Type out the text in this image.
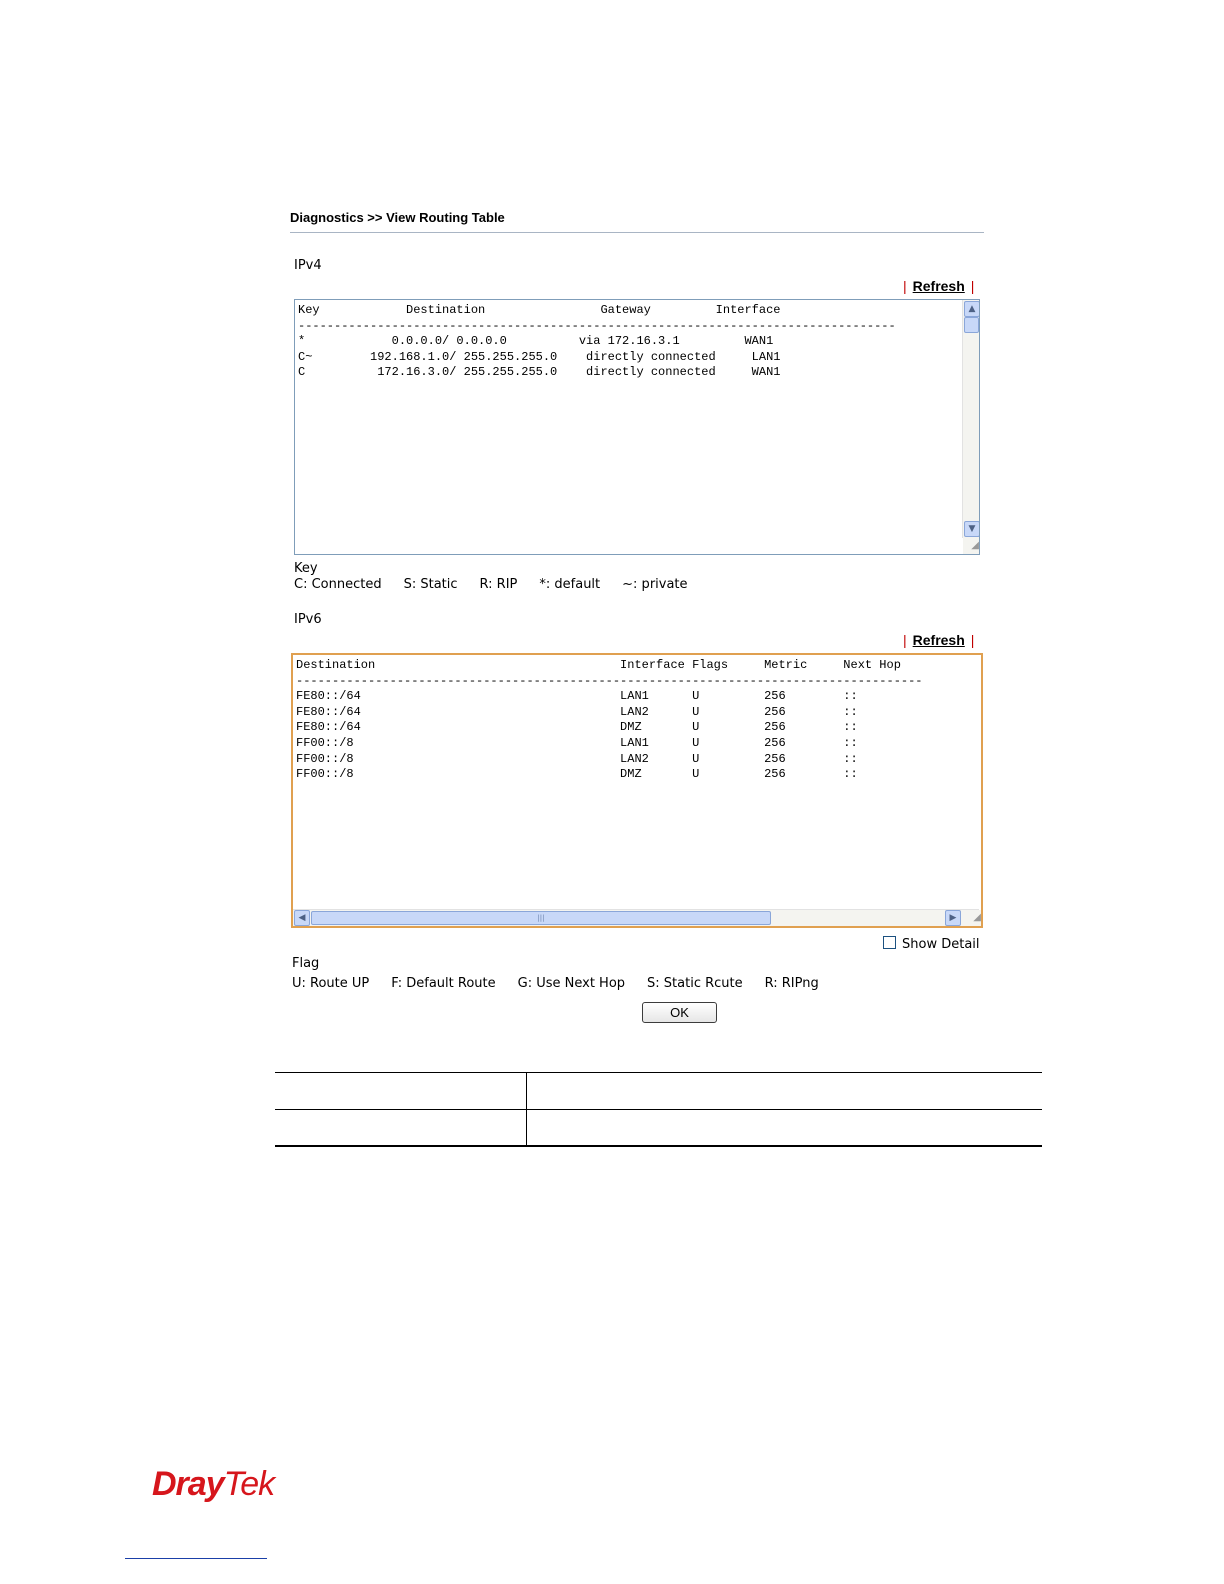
Diagnostics >> View Routing Table
IPv4
| Refresh |
Key            Destination                Gateway         Interface
-----------------------------------------------------------------------------------
*            0.0.0.0/ 0.0.0.0          via 172.16.3.1         WAN1
C~        192.168.1.0/ 255.255.255.0    directly connected     LAN1
C          172.16.3.0/ 255.255.255.0    directly connected     WAN1
▲
▼
◢
Key
C: Connected S: Static R: RIP *: default ~: private
IPv6
| Refresh |
Destination                                  Interface Flags     Metric     Next Hop
---------------------------------------------------------------------------------------
FE80::/64                                    LAN1      U         256        ::
FE80::/64                                    LAN2      U         256        ::
FE80::/64                                    DMZ       U         256        ::
FF00::/8                                     LAN1      U         256        ::
FF00::/8                                     LAN2      U         256        ::
FF00::/8                                     DMZ       U         256        ::
◀	|||	▶	◢
Show Detail
Flag
U: Route UP F: Default Route G: Use Next Hop S: Static Rcute R: RIPng
OK
DrayTek
